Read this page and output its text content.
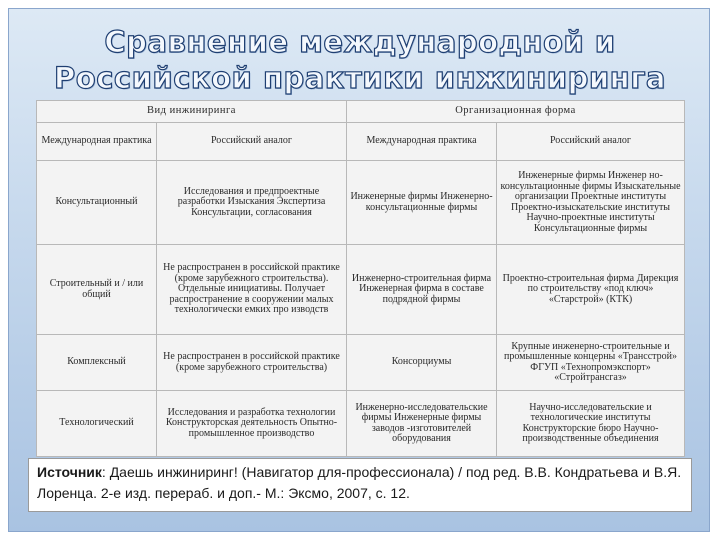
Сравнение международной и
Российской практики инжиниринга
Вид инжиниринга		Организационная форма	
Международная практика	Российский аналог	Международная практика	Российский аналог
Консультационный	Исследования и предпроектные разработки Изыскания Экспертиза Консультации, согласования	Инженерные фирмы Инженерно-консультационные фирмы	Инженерные фирмы Инженер но-консультационные фирмы Изыскательные организации Проектные институты Проектно-изыскательские институты Научно-проектные институты Консультационные фирмы
Строительный и / или общий	Не распространен в российской практике (кроме зарубежного строительства). Отдельные инициативы. Получает распространение в сооружении малых технологически емких про изводств	Инженерно-строительная фирма Инженерная фирма в составе подрядной фирмы	Проектно-строительная фирма Дирекция по строительству «под ключ» «Старстрой» (КТК)
Комплексный	Не распространен в российской практике (кроме зарубежного строительства)	Консорциумы	Крупные инженерно-строительные и промышленные концерны «Трансстрой» ФГУП «Технопромэкспорт» «Стройтрансгаз»
Технологический	Исследования и разработка технологии Конструкторская деятельность Опытно-промышленное производство	Инженерно-исследовательские фирмы Инженерные фирмы заводов -изготовителей оборудования	Научно-исследовательские и технологические институты Конструкторские бюро Научно-производственные объединения
Источник: Даешь инжиниринг! (Навигатор для-профессионала) / под ред. В.В. Кондратьева и В.Я. Лоренца. 2-е изд. перераб. и доп.- М.: Эксмо, 2007, с. 12.
